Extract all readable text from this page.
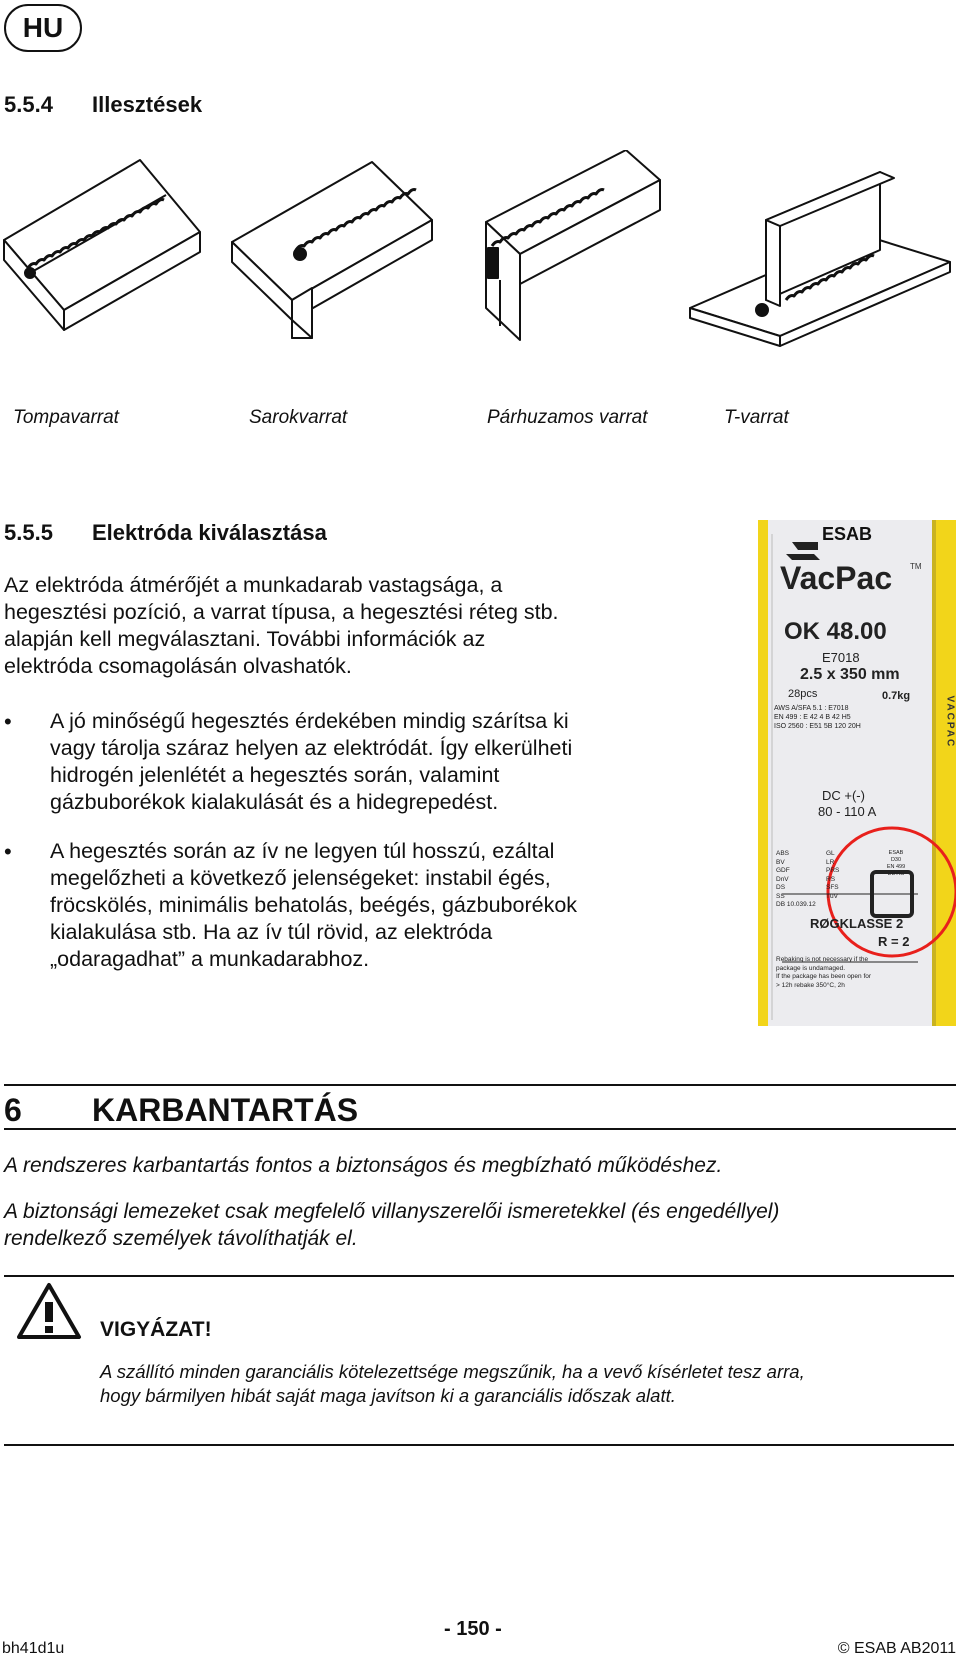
HU
5.5.4 Illesztések
Tompavarrat	Sarokvarrat	Párhuzamos varrat	T-varrat
5.5.5 Elektróda kiválasztása
Az elektróda átmérőjét a munkadarab vastagsága, a
hegesztési pozíció, a varrat típusa, a hegesztési réteg stb.
alapján kell megválasztani. További információk az
elektróda csomagolásán olvashatók.
•	A jó minőségű hegesztés érdekében mindig szárítsa ki
vagy tárolja száraz helyen az elektródát. Így elkerülheti
hidrogén jelenlétét a hegesztés során, valamint
gázbuborékok kialakulását és a hidegrepedést.
•	A hegesztés során az ív ne legyen túl hosszú, ezáltal
megelőzheti a következő jelenségeket: instabil égés,
fröcskölés, minimális behatolás, beégés, gázbuborékok
kialakulása stb. Ha az ív túl rövid, az elektróda
„odaragadhat” a munkadarabhoz.
ESAB
VacPac TM
OK 48.00
E7018
2.5 x 350 mm
28pcs	0.7kg
AWS A/SFA 5.1 : E7018
EN 499 : E 42 4 B 42 H5
ISO 2560 : E51 5B 120 20H
DC +(-)
80 - 110 A
ABS
BV
GDF
DnV
DS
SS
DB 10.039.12
GL
LR
PRS
RS
SFS
TüV
ESAB
D30
EN 499
DB AG
RØGKLASSE 2
R = 2
Rebaking is not necessary if the
package is undamaged.
If the package has been open for
> 12h rebake 350°C, 2h
VACPAC
6 KARBANTARTÁS
A rendszeres karbantartás fontos a biztonságos és megbízható működéshez.
A biztonsági lemezeket csak megfelelő villanyszerelői ismeretekkel (és engedéllyel)
rendelkező személyek távolíthatják el.
VIGYÁZAT!
A szállító minden garanciális kötelezettsége megszűnik, ha a vevő kísérletet tesz arra,
hogy bármilyen hibát saját maga javítson ki a garanciális időszak alatt.
bh41d1u
- 150 -
© ESAB AB2011
